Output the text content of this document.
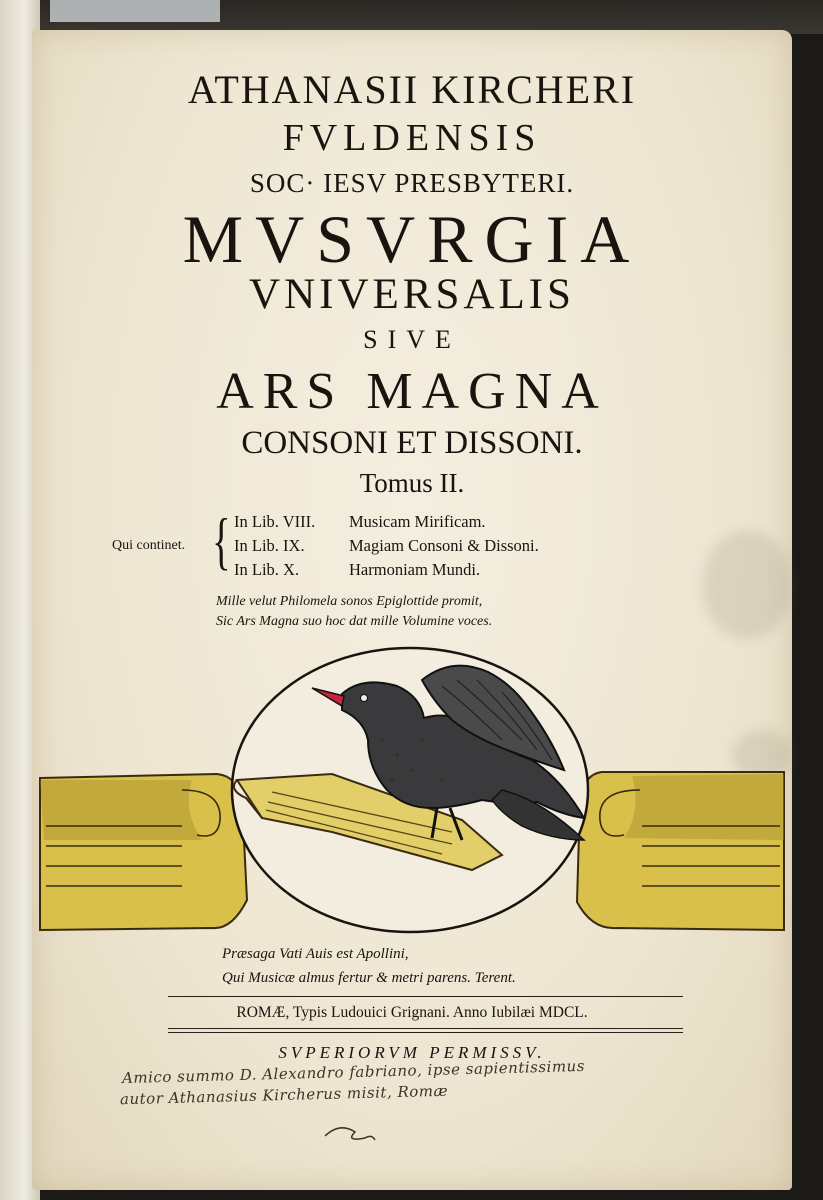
ATHANASII KIRCHERI
FVLDENSIS
SOC· IESV PRESBYTERI.
MVSVRGIA
VNIVERSALIS
SIVE
ARS MAGNA
CONSONI ET DISSONI.
Tomus II.
Qui continet. { In Lib. VIII. Musicam Mirificam.
In Lib. IX.	Magiam Consoni & Dissoni.
In Lib. X.	Harmoniam Mundi.
Mille velut Philomela sonos Epiglottide promit,
Sic Ars Magna suo hoc dat mille Volumine voces.
Præsaga Vati Auis est Apollini,
Qui Musicæ almus fertur & metri parens. Terent.
ROMÆ, Typis Ludouici Grignani. Anno Iubilæi MDCL.
SVPERIORVM PERMISSV.
Amico summo D. Alexandro fabriano, ipse sapientissimus
autor Athanasius Kircherus misit, Romæ
